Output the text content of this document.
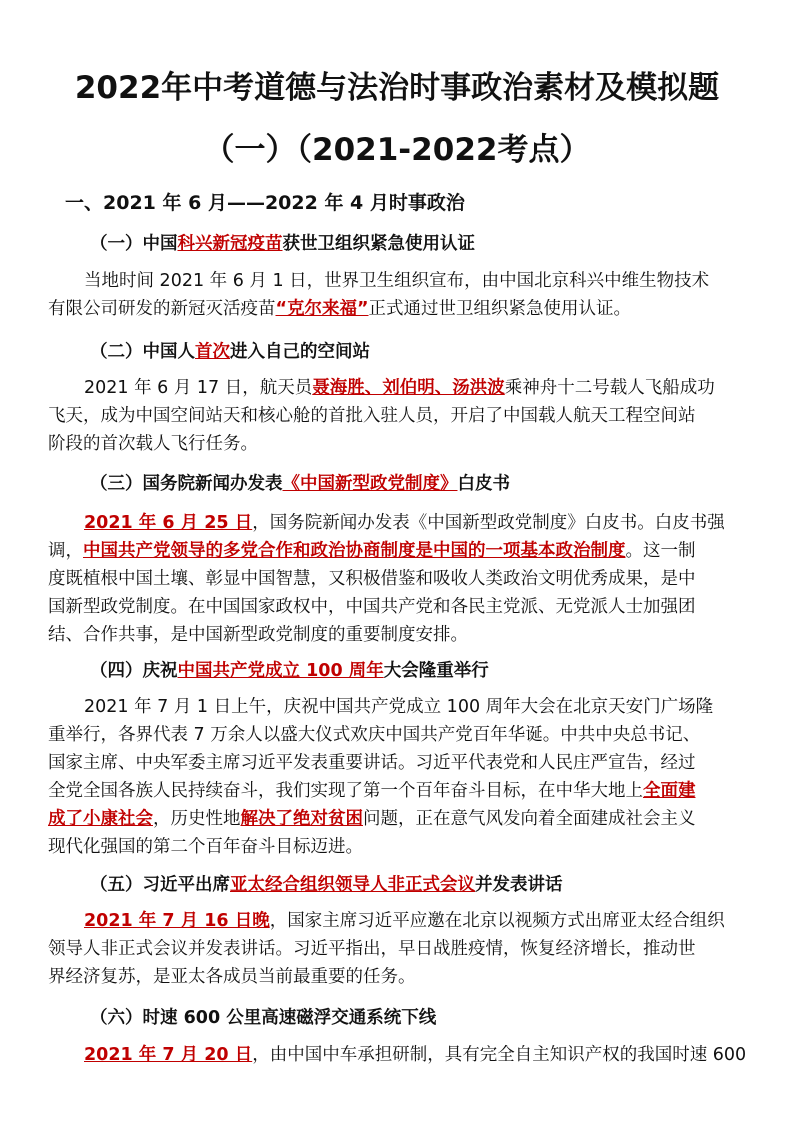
2022年中考道德与法治时事政治素材及模拟题
（一）（2021-2022考点）
一、2021 年 6 月——2022 年 4 月时事政治
（一）中国科兴新冠疫苗获世卫组织紧急使用认证
当地时间 2021 年 6 月 1 日，世界卫生组织宣布，由中国北京科兴中维生物技术
有限公司研发的新冠灭活疫苗“克尔来福”正式通过世卫组织紧急使用认证。
（二）中国人首次进入自己的空间站
2021 年 6 月 17 日，航天员聂海胜、刘伯明、汤洪波乘神舟十二号载人飞船成功
飞天，成为中国空间站天和核心舱的首批入驻人员，开启了中国载人航天工程空间站
阶段的首次载人飞行任务。
（三）国务院新闻办发表《中国新型政党制度》白皮书
2021 年 6 月 25 日，国务院新闻办发表《中国新型政党制度》白皮书。白皮书强
调，中国共产党领导的多党合作和政治协商制度是中国的一项基本政治制度。这一制
度既植根中国土壤、彰显中国智慧，又积极借鉴和吸收人类政治文明优秀成果，是中
国新型政党制度。在中国国家政权中，中国共产党和各民主党派、无党派人士加强团
结、合作共事，是中国新型政党制度的重要制度安排。
（四）庆祝中国共产党成立 100 周年大会隆重举行
2021 年 7 月 1 日上午，庆祝中国共产党成立 100 周年大会在北京天安门广场隆
重举行，各界代表 7 万余人以盛大仪式欢庆中国共产党百年华诞。中共中央总书记、
国家主席、中央军委主席习近平发表重要讲话。习近平代表党和人民庄严宣告，经过
全党全国各族人民持续奋斗，我们实现了第一个百年奋斗目标，在中华大地上全面建
成了小康社会，历史性地解决了绝对贫困问题，正在意气风发向着全面建成社会主义
现代化强国的第二个百年奋斗目标迈进。
（五）习近平出席亚太经合组织领导人非正式会议并发表讲话
2021 年 7 月 16 日晚，国家主席习近平应邀在北京以视频方式出席亚太经合组织
领导人非正式会议并发表讲话。习近平指出，早日战胜疫情，恢复经济增长，推动世
界经济复苏，是亚太各成员当前最重要的任务。
（六）时速 600 公里高速磁浮交通系统下线
2021 年 7 月 20 日，由中国中车承担研制，具有完全自主知识产权的我国时速 600
